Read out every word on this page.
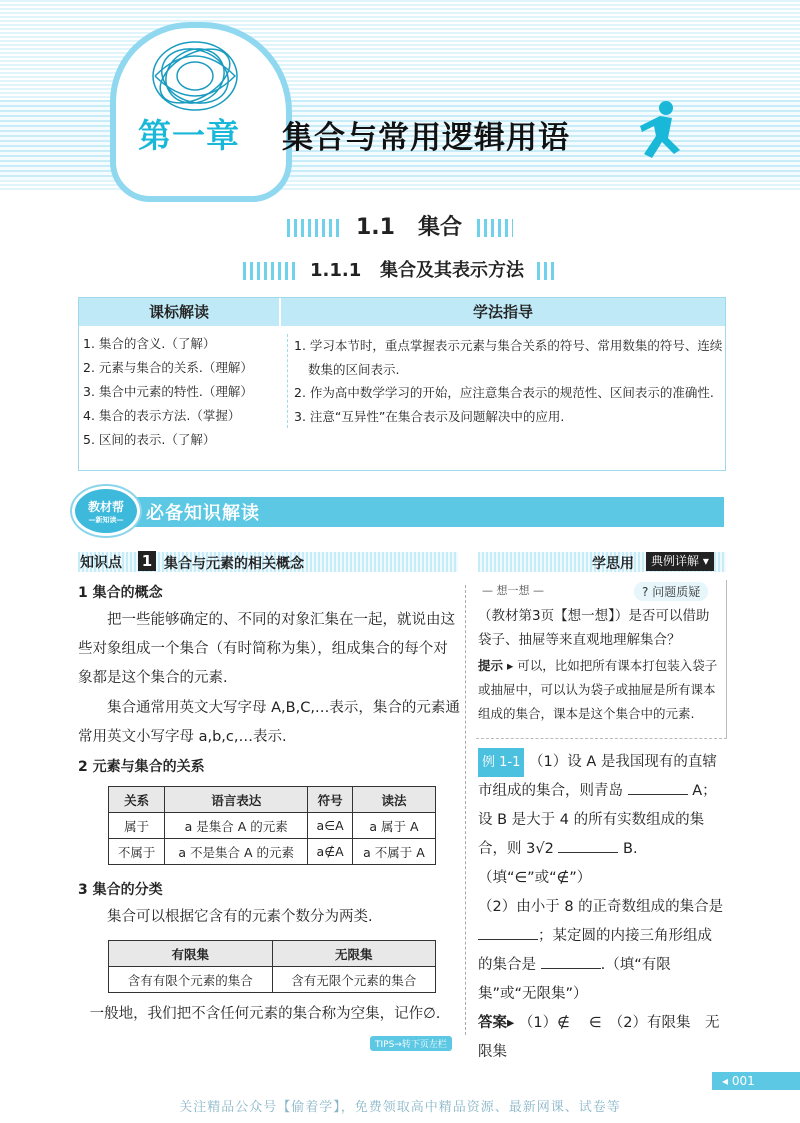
第一章 集合与常用逻辑用语
1.1 集合
1.1.1 集合及其表示方法
课标解读	学法指导
1. 集合的含义.（了解）
2. 元素与集合的关系.（理解）
3. 集合中元素的特性.（理解）
4. 集合的表示方法.（掌握）
5. 区间的表示.（了解）
1. 学习本节时，重点掌握表示元素与集合关系的符号、常用数集的符号、连续数集的区间表示.
2. 作为高中数学学习的开始，应注意集合表示的规范性、区间表示的准确性.
3. 注意“互异性”在集合表示及问题解决中的应用.
教材帮
—新知读—	必备知识解读
知识点 1 集合与元素的相关概念
1 集合的概念
把一些能够确定的、不同的对象汇集在一起，就说由这些对象组成一个集合（有时简称为集），组成集合的每个对象都是这个集合的元素.
集合通常用英文大写字母 A,B,C,…表示，集合的元素通常用英文小写字母 a,b,c,…表示.
2 元素与集合的关系
关系	语言表达	符号	读法
属于	a 是集合 A 的元素	a∈A	a 属于 A
不属于	a 不是集合 A 的元素	a∉A	a 不属于 A
3 集合的分类
集合可以根据它含有的元素个数分为两类.
有限集	无限集
含有有限个元素的集合	含有无限个元素的集合
一般地，我们把不含任何元素的集合称为空集，记作∅.
TIPS→转下页左栏
学思用	典例详解 ▾
— 想一想 —	? 问题质疑
（教材第3页【想一想】）是否可以借助袋子、抽屉等来直观地理解集合？
提示 ▸ 可以，比如把所有课本打包装入袋子或抽屉中，可以认为袋子或抽屉是所有课本组成的集合，课本是这个集合中的元素.
例 1-1 （1）设 A 是我国现有的直辖市组成的集合，则青岛	A；设 B 是大于 4 的所有实数组成的集合，则 3√2	B.（填“∈”或“∉”）
（2）由小于 8 的正奇数组成的集合是 ；某定圆的内接三角形组成的集合是	.（填“有限集”或“无限集”）
答案▸ （1）∉　 ∈　（2）有限集　无限集
◂ 001
关注精品公众号【偷着学】，免费领取高中精品资源、最新网课、试卷等
